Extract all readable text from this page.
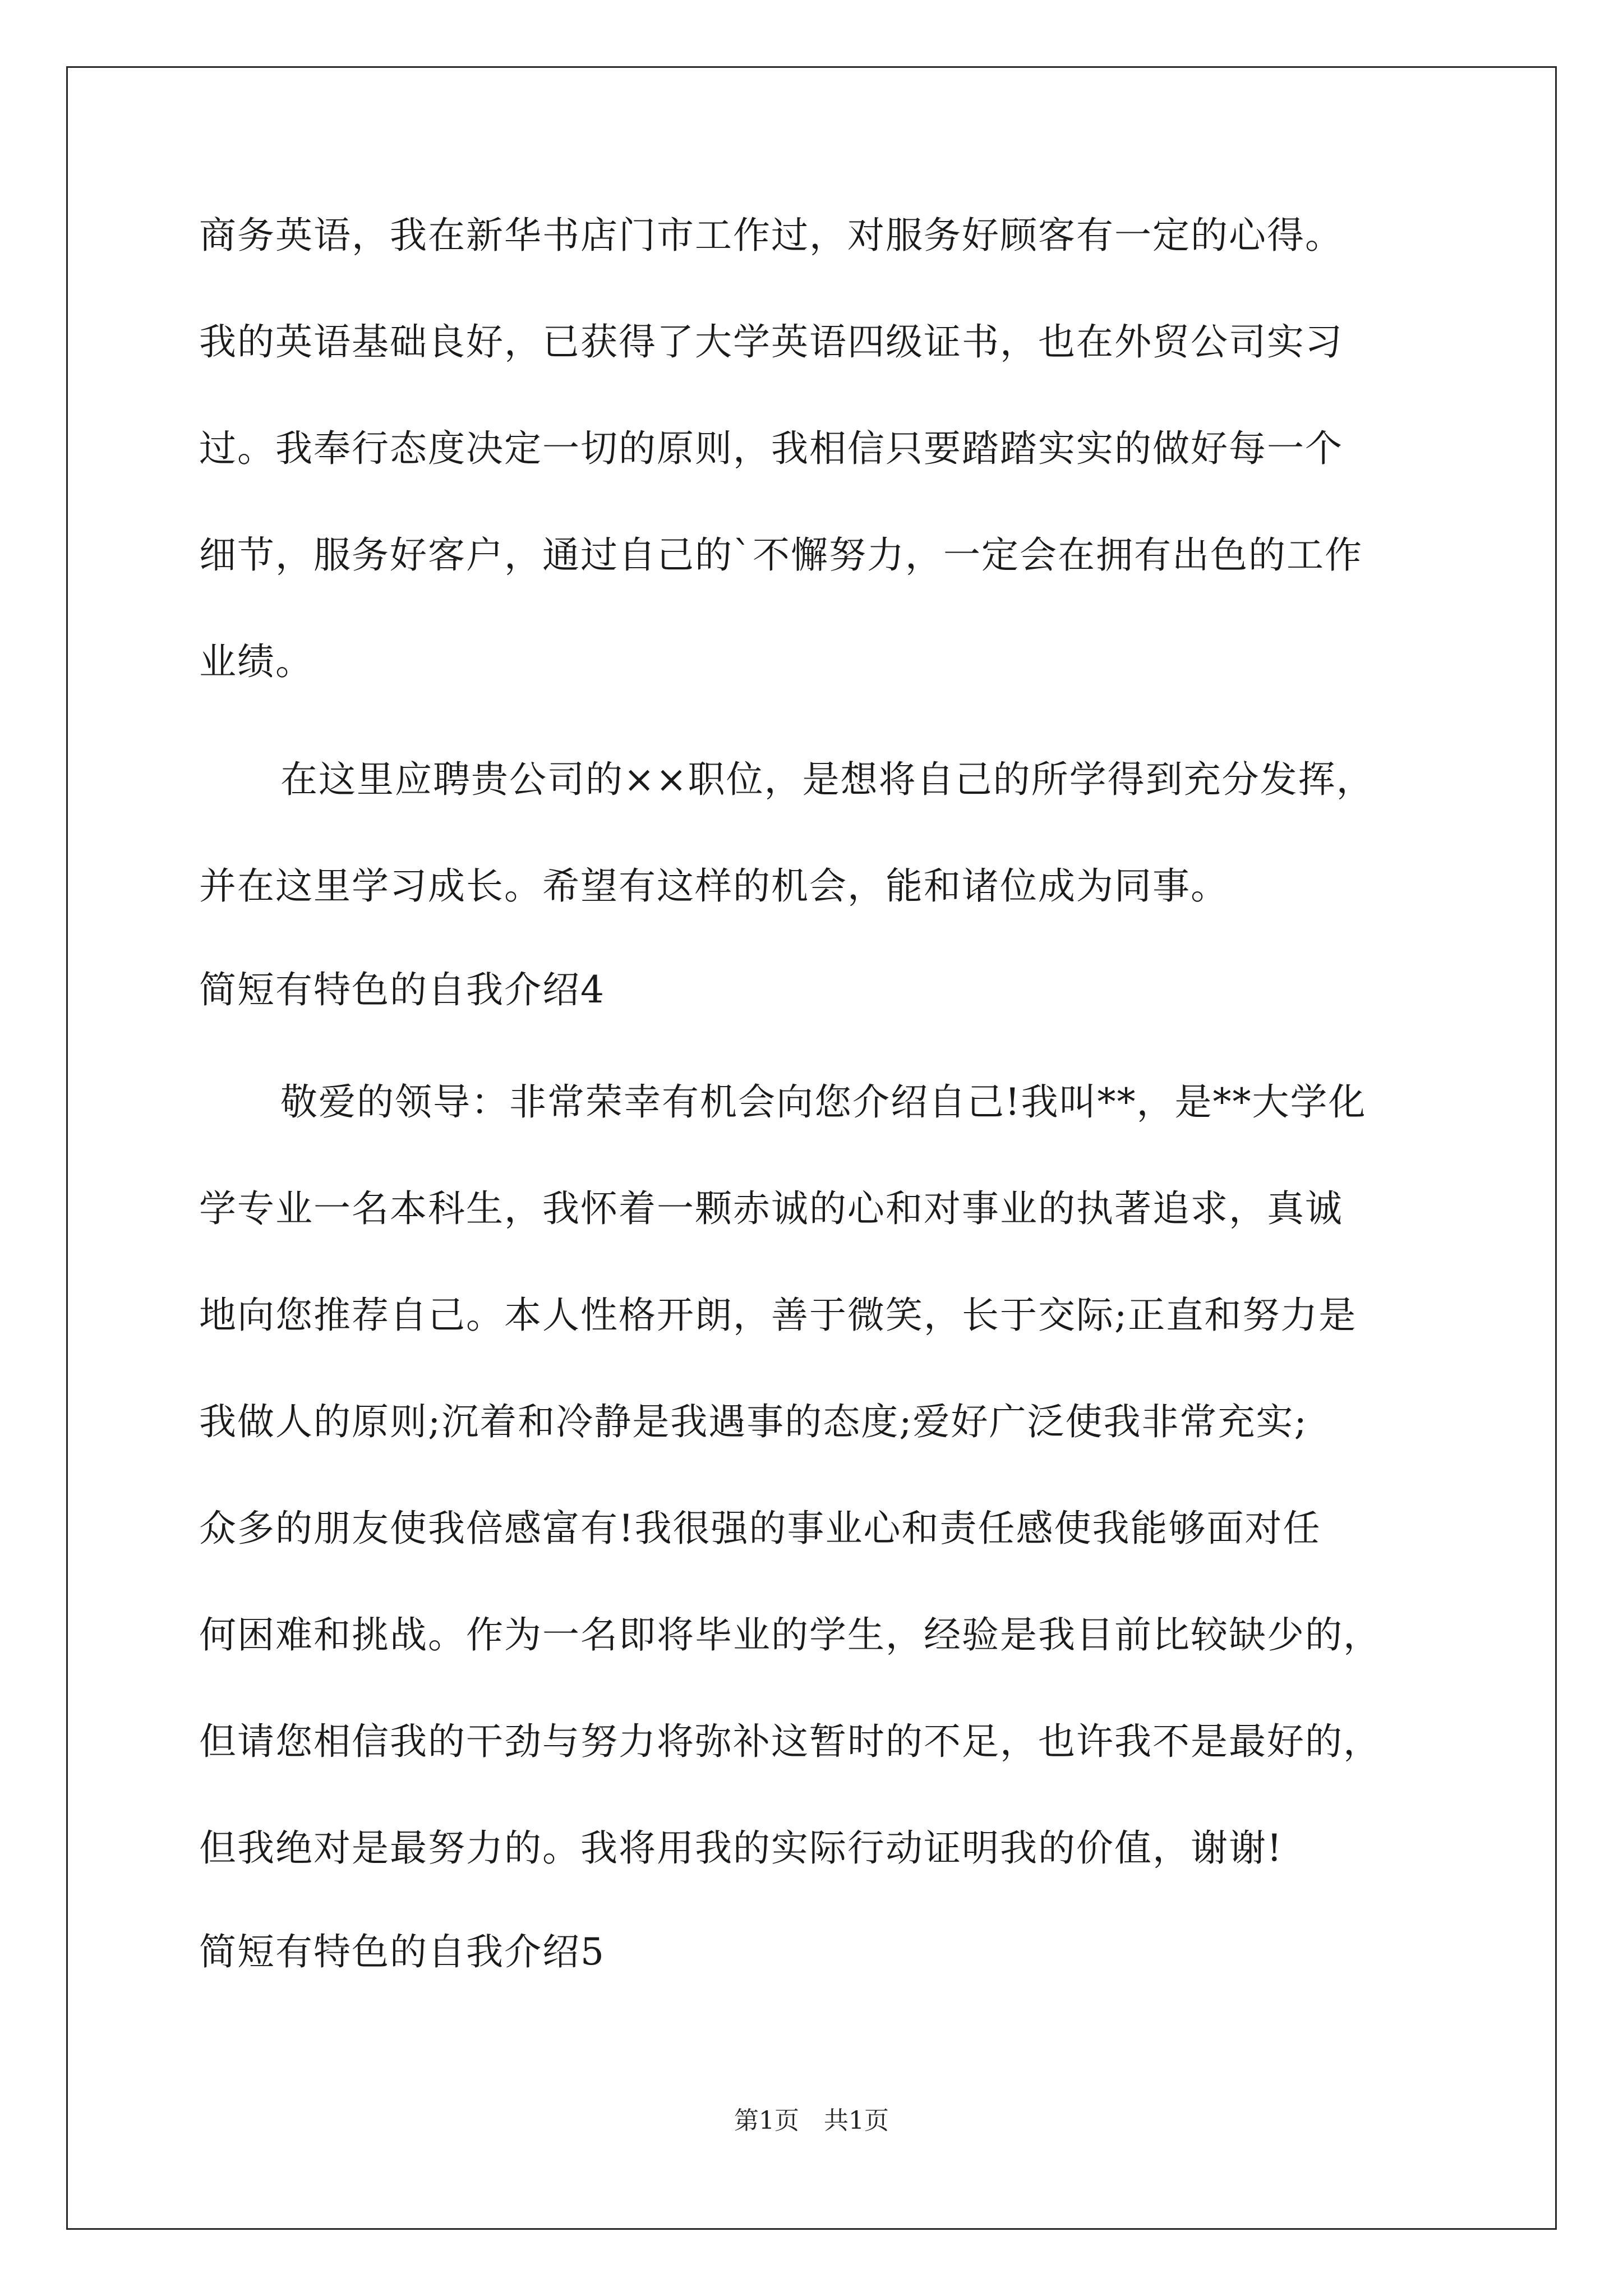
商务英语，我在新华书店门市工作过，对服务好顾客有一定的心得。
我的英语基础良好，已获得了大学英语四级证书，也在外贸公司实习
过。我奉行态度决定一切的原则，我相信只要踏踏实实的做好每一个
细节，服务好客户，通过自己的`不懈努力，一定会在拥有出色的工作
业绩。
在这里应聘贵公司的××职位，是想将自己的所学得到充分发挥，
并在这里学习成长。希望有这样的机会，能和诸位成为同事。
简短有特色的自我介绍4
敬爱的领导：非常荣幸有机会向您介绍自己!我叫**，是**大学化
学专业一名本科生，我怀着一颗赤诚的心和对事业的执著追求，真诚
地向您推荐自己。本人性格开朗，善于微笑，长于交际;正直和努力是
我做人的原则;沉着和冷静是我遇事的态度;爱好广泛使我非常充实;
众多的朋友使我倍感富有!我很强的事业心和责任感使我能够面对任
何困难和挑战。作为一名即将毕业的学生，经验是我目前比较缺少的，
但请您相信我的干劲与努力将弥补这暂时的不足，也许我不是最好的，
但我绝对是最努力的。我将用我的实际行动证明我的价值，谢谢!
简短有特色的自我介绍5
第1页　共1页
